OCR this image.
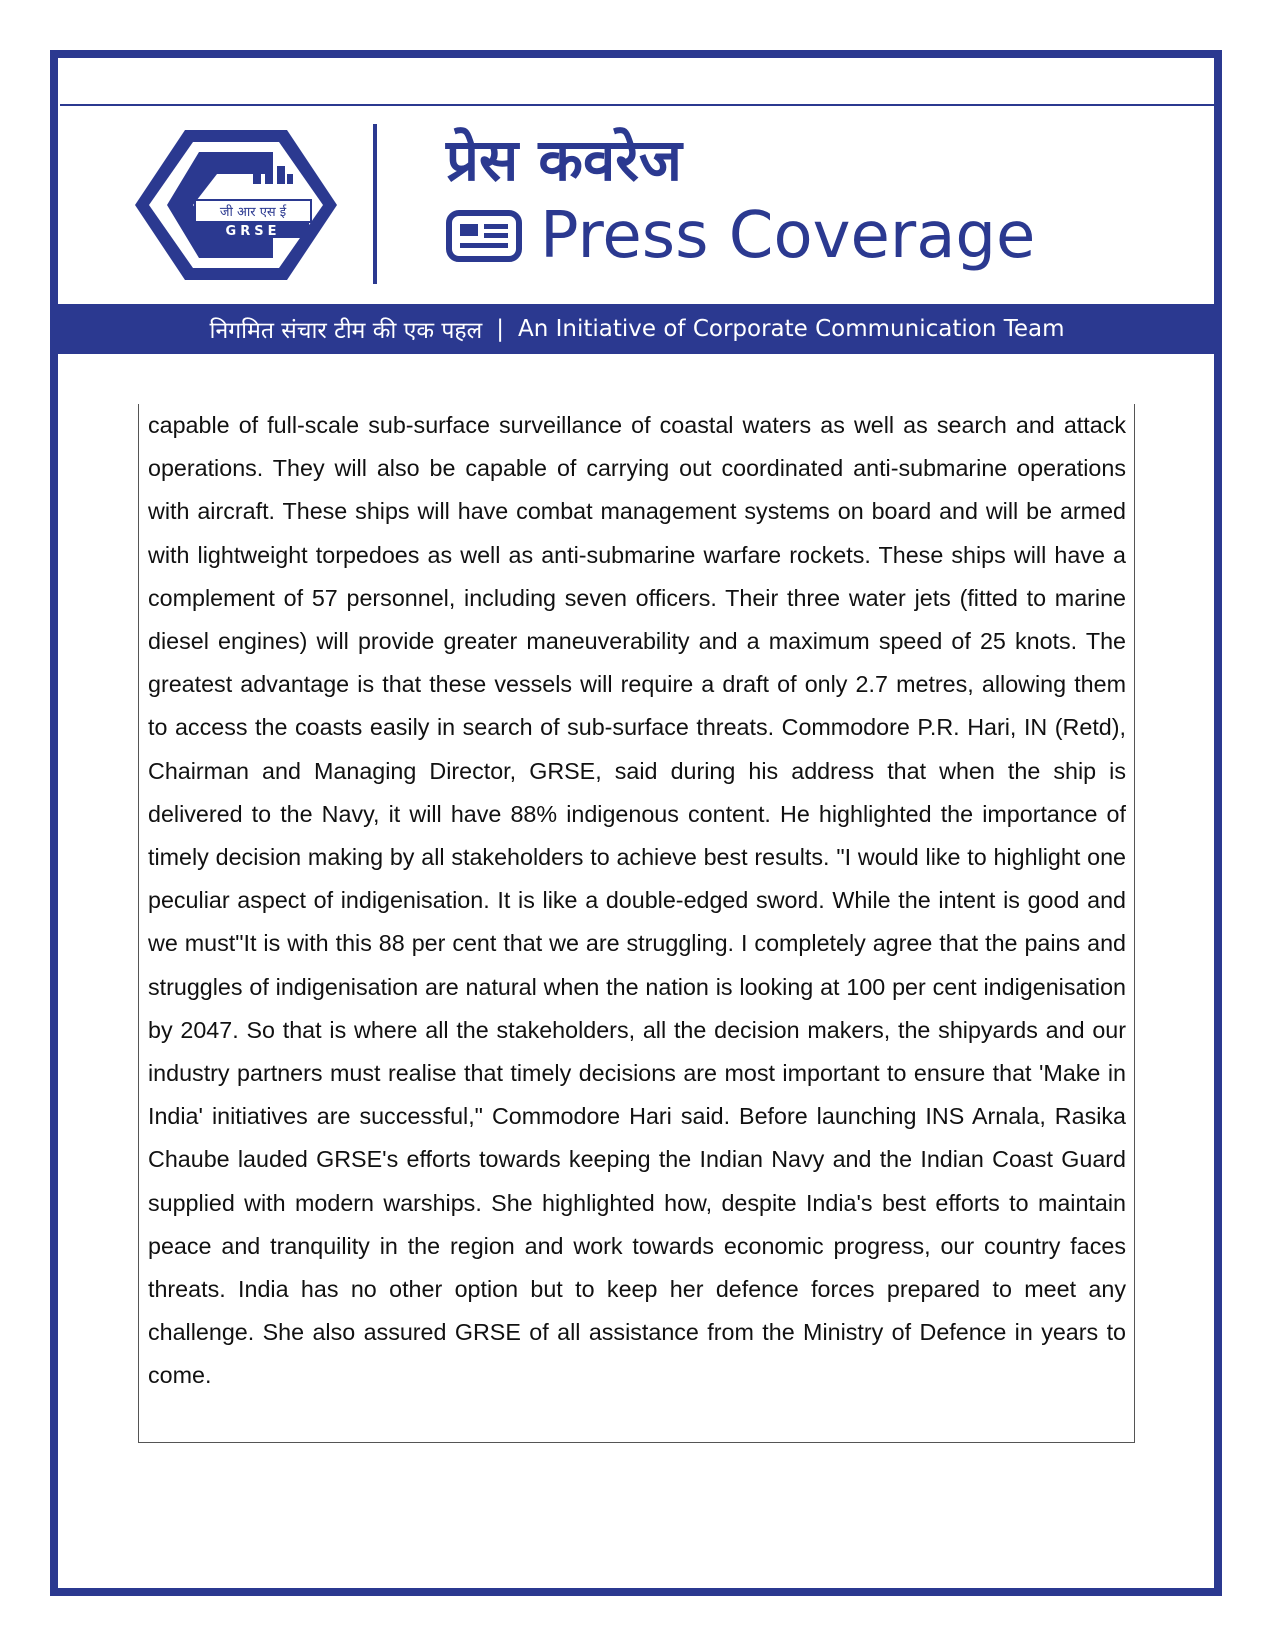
जी आर एस ई
GRSE
प्रेस कवरेज
Press Coverage
निगमित संचार टीम की एक पहल | An Initiative of Corporate Communication Team

capable of full-scale sub-surface surveillance of coastal waters as well as search and attack operations. They will also be capable of carrying out coordinated anti-submarine operations with aircraft. These ships will have combat management systems on board and will be armed with lightweight torpedoes as well as anti-submarine warfare rockets. These ships will have a complement of 57 personnel, including seven officers. Their three water jets (fitted to marine diesel engines) will provide greater maneuverability and a maximum speed of 25 knots. The greatest advantage is that these vessels will require a draft of only 2.7 metres, allowing them to access the coasts easily in search of sub-surface threats. Commodore P.R. Hari, IN (Retd), Chairman and Managing Director, GRSE, said during his address that when the ship is delivered to the Navy, it will have 88% indigenous content. He highlighted the importance of timely decision making by all stakeholders to achieve best results. "I would like to highlight one peculiar aspect of indigenisation. It is like a double-edged sword. While the intent is good and we must"It is with this 88 per cent that we are struggling. I completely agree that the pains and struggles of indigenisation are natural when the nation is looking at 100 per cent indigenisation by 2047. So that is where all the stakeholders, all the decision makers, the shipyards and our industry partners must realise that timely decisions are most important to ensure that 'Make in India' initiatives are successful," Commodore Hari said. Before launching INS Arnala, Rasika Chaube lauded GRSE's efforts towards keeping the Indian Navy and the Indian Coast Guard supplied with modern warships. She highlighted how, despite India's best efforts to maintain peace and tranquility in the region and work towards economic progress, our country faces threats. India has no other option but to keep her defence forces prepared to meet any challenge. She also assured GRSE of all assistance from the Ministry of Defence in years to come.
